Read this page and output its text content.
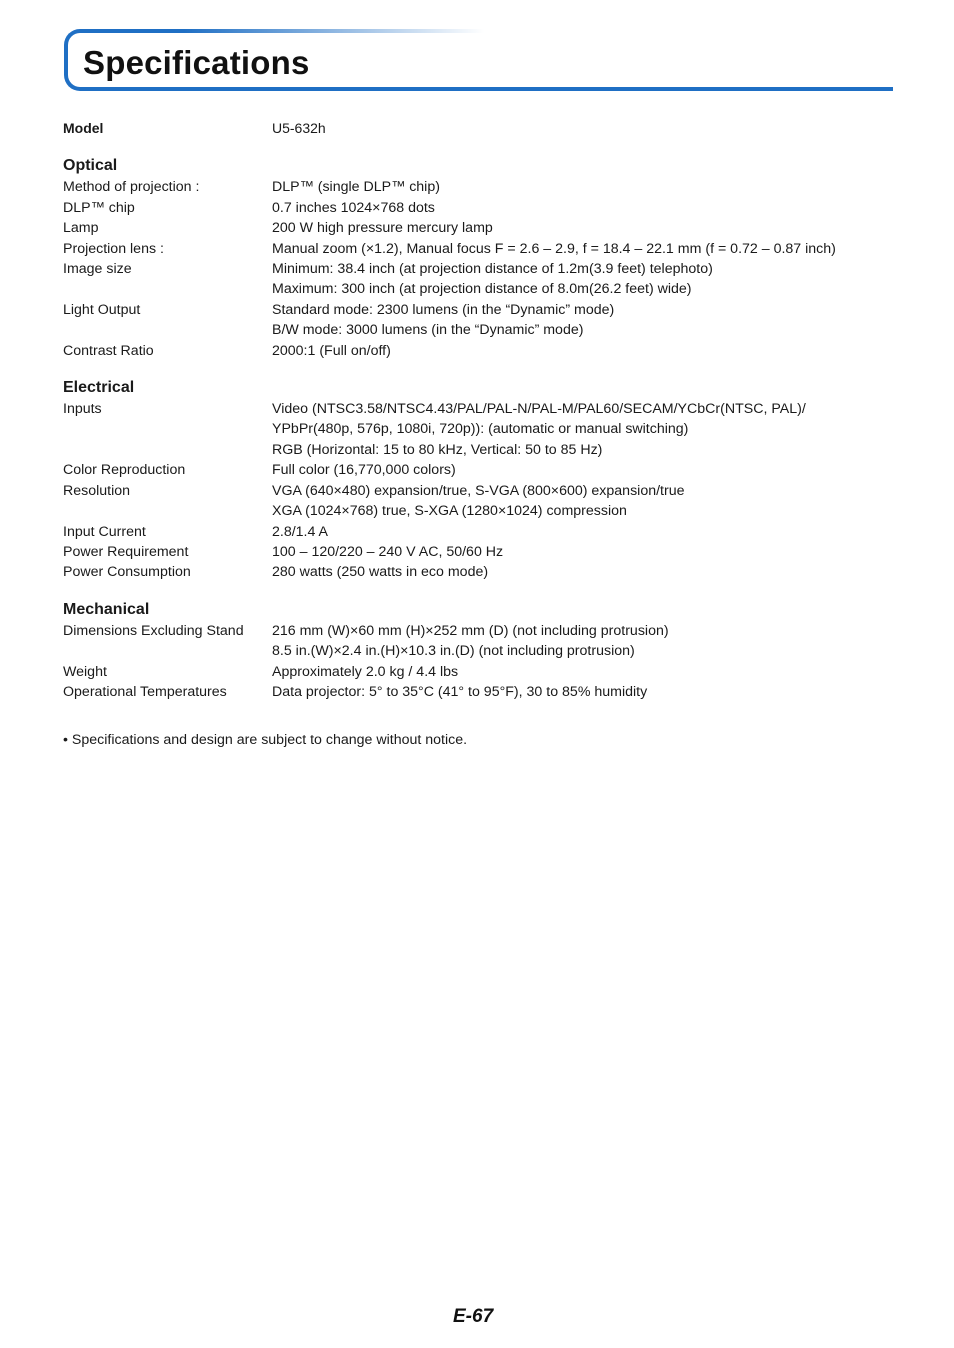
Specifications
Model	U5-632h
Optical
Method of projection :	DLP™ (single DLP™ chip)
DLP™ chip	0.7 inches 1024×768 dots
Lamp	200 W high pressure mercury lamp
Projection lens :	Manual zoom (×1.2), Manual focus F = 2.6 – 2.9, f = 18.4 – 22.1 mm (f = 0.72 – 0.87 inch)
Image size	Minimum: 38.4 inch (at projection distance of 1.2m(3.9 feet) telephoto)
Maximum: 300 inch (at projection distance of 8.0m(26.2 feet) wide)
Light Output	Standard mode: 2300 lumens (in the “Dynamic” mode)
B/W mode: 3000 lumens (in the “Dynamic” mode)
Contrast Ratio	2000:1 (Full on/off)
Electrical
Inputs	Video (NTSC3.58/NTSC4.43/PAL/PAL-N/PAL-M/PAL60/SECAM/YCbCr(NTSC, PAL)/
YPbPr(480p, 576p, 1080i, 720p)): (automatic or manual switching)
RGB (Horizontal: 15 to 80 kHz, Vertical: 50 to 85 Hz)
Color Reproduction	Full color (16,770,000 colors)
Resolution	VGA (640×480) expansion/true, S-VGA (800×600) expansion/true
XGA (1024×768) true, S-XGA (1280×1024) compression
Input Current	2.8/1.4 A
Power Requirement	100 – 120/220 – 240 V AC, 50/60 Hz
Power Consumption	280 watts (250 watts in eco mode)
Mechanical
Dimensions Excluding Stand	216 mm (W)×60 mm (H)×252 mm (D) (not including protrusion)
8.5 in.(W)×2.4 in.(H)×10.3 in.(D) (not including protrusion)
Weight	Approximately 2.0 kg / 4.4 lbs
Operational Temperatures	Data projector: 5° to 35°C (41° to 95°F), 30 to 85% humidity
• Specifications and design are subject to change without notice.
E-67
